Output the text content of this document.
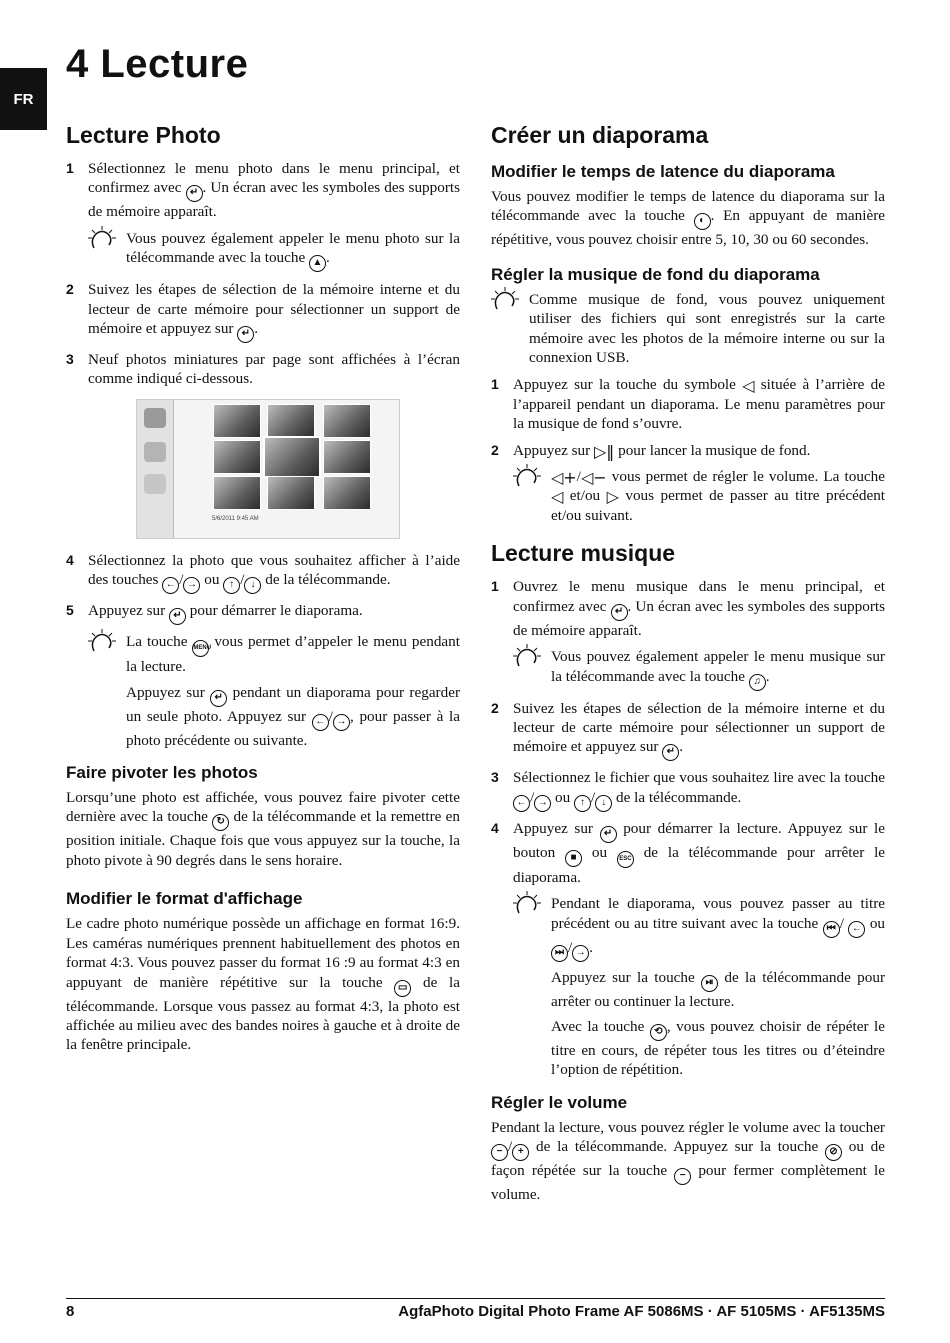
FR
4 Lecture
Lecture Photo
1 Sélectionnez le menu photo dans le menu principal, et confirmez avec ↵ . Un écran avec les symboles des supports de mémoire apparaît.
Vous pouvez également appeler le menu photo sur la télécommande avec la touche ▲ .
2 Suivez les étapes de sélection de la mémoire interne et du lecteur de carte mémoire pour sélectionner un support de mémoire et appuyez sur ↵ .
3 Neuf photos miniatures par page sont affichées à l’écran comme indiqué ci-dessous.
5/6/2011 9:45 AM
4 Sélectionnez la photo que vous souhaitez afficher à l’aide des touches ← / → ou ↑ / ↓ de la télécommande.
5 Appuyez sur ↵ pour démarrer le diaporama.

La touche MENU vous permet d’appeler le menu pendant la lecture.

Appuyez sur ↵ pendant un diaporama pour regarder un seule photo. Appuyez sur ← / → , pour passer à la photo précédente ou suivante.

Faire pivoter les photos

Lorsqu’une photo est affichée, vous pouvez faire pivoter cette dernière avec la touche ↻ de la télécommande et la remettre en position initiale. Chaque fois que vous appuyez sur la touche, la photo pivote à 90 degrés dans le sens horaire.

Modifier le format d'affichage

Le cadre photo numérique possède un affichage en format 16:9. Les caméras numériques prennent habituellement des photos en format 4:3. Vous pouvez passer du format 16 :9 au format 4:3 en appuyant de manière répétitive sur la touche ▭ de la télécommande. Lorsque vous passez au format 4:3, la photo est affichée au milieu avec des bandes noires à gauche et à droite de la fenêtre principale.

Créer un diaporama
Modifier le temps de latence du diaporama

Vous pouvez modifier le temps de latence du diaporama sur la télécommande avec la touche ◐ . En appuyant de manière répétitive, vous pouvez choisir entre 5, 10, 30 ou 60 secondes.

Régler la musique de fond du diaporama
Comme musique de fond, vous pouvez uniquement utiliser des fichiers qui sont enregistrés sur la carte mémoire avec les photos de la mémoire interne ou sur la connexion USB.
1 Appuyez sur la touche du symbole ◁ située à l’arrière de l’appareil pendant un diaporama. Le menu paramètres pour la musique de fond s’ouvre.
2 Appuyez sur ▷‖ pour lancer la musique de fond.
◁+/◁− vous permet de régler le volume. La touche ◁ et/ou ▷ vous permet de passer au titre précédent et/ou suivant.
Lecture musique
1 Ouvrez le menu musique dans le menu principal, et confirmez avec ↵ . Un écran avec les symboles des supports de mémoire apparaît.
Vous pouvez également appeler le menu musique sur la télécommande avec la touche ♫ .
2 Suivez les étapes de sélection de la mémoire interne et du lecteur de carte mémoire pour sélectionner un support de mémoire et appuyez sur ↵ .
3 Sélectionnez le fichier que vous souhaitez lire avec la touche ← / → ou ↑ / ↓ de la télécommande.
4 Appuyez sur ↵ pour démarrer la lecture. Appuyez sur le bouton ■ ou ESC de la télécommande pour arrêter le diaporama.

Pendant le diaporama, vous pouvez passer au titre précédent ou au titre suivant avec la touche ⏮ / ← ou ⏭ / → .

Appuyez sur la touche ⏯ de la télécommande pour arrêter ou continuer la lecture.

Avec la touche ⟲ , vous pouvez choisir de répéter le titre en cours, de répéter tous les titres ou d’éteindre l’option de répétition.

Régler le volume

Pendant la lecture, vous pouvez régler le volume avec la toucher − / + de la télécommande. Appuyez sur la touche ⊘ ou de façon répétée sur la touche − pour fermer complètement le volume.

8	AgfaPhoto Digital Photo Frame AF 5086MS · AF 5105MS · AF5135MS
